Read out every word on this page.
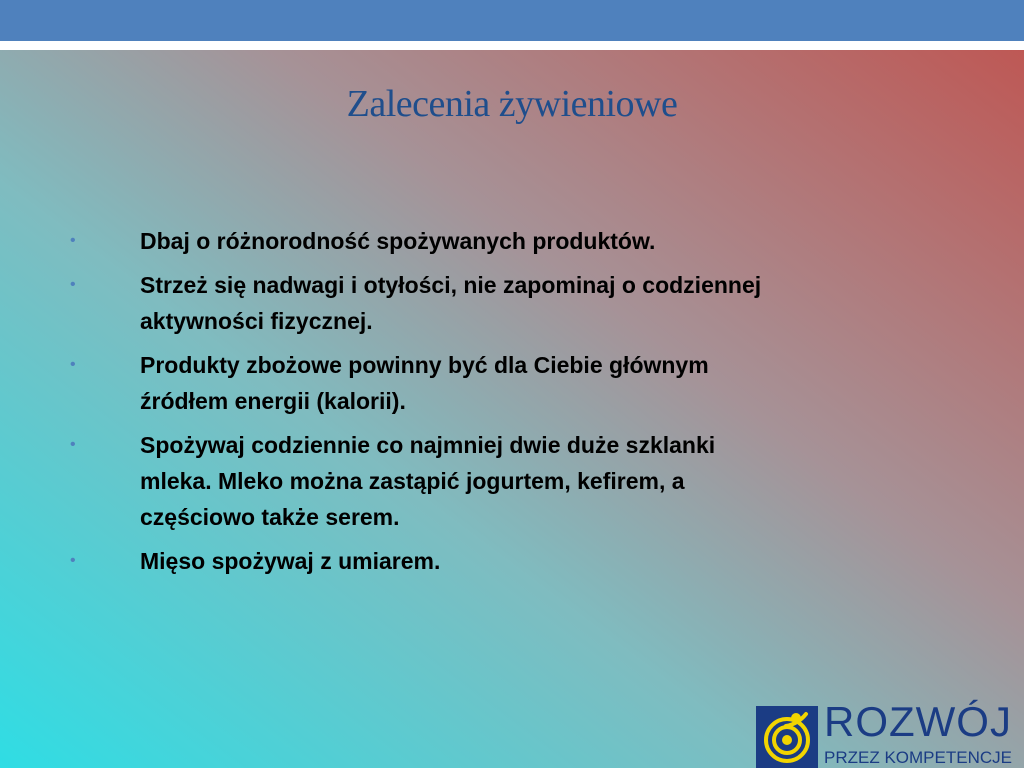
Zalecenia żywieniowe
•	Dbaj o różnorodność spożywanych produktów.
•	Strzeż się nadwagi i otyłości, nie zapominaj o codziennej aktywności fizycznej.
•	Produkty zbożowe powinny być dla Ciebie głównym źródłem energii (kalorii).
•	Spożywaj codziennie co najmniej dwie duże szklanki mleka. Mleko można zastąpić jogurtem, kefirem, a częściowo także serem.
•	Mięso spożywaj z umiarem.
ROZWÓJ
PRZEZ KOMPETENCJE
